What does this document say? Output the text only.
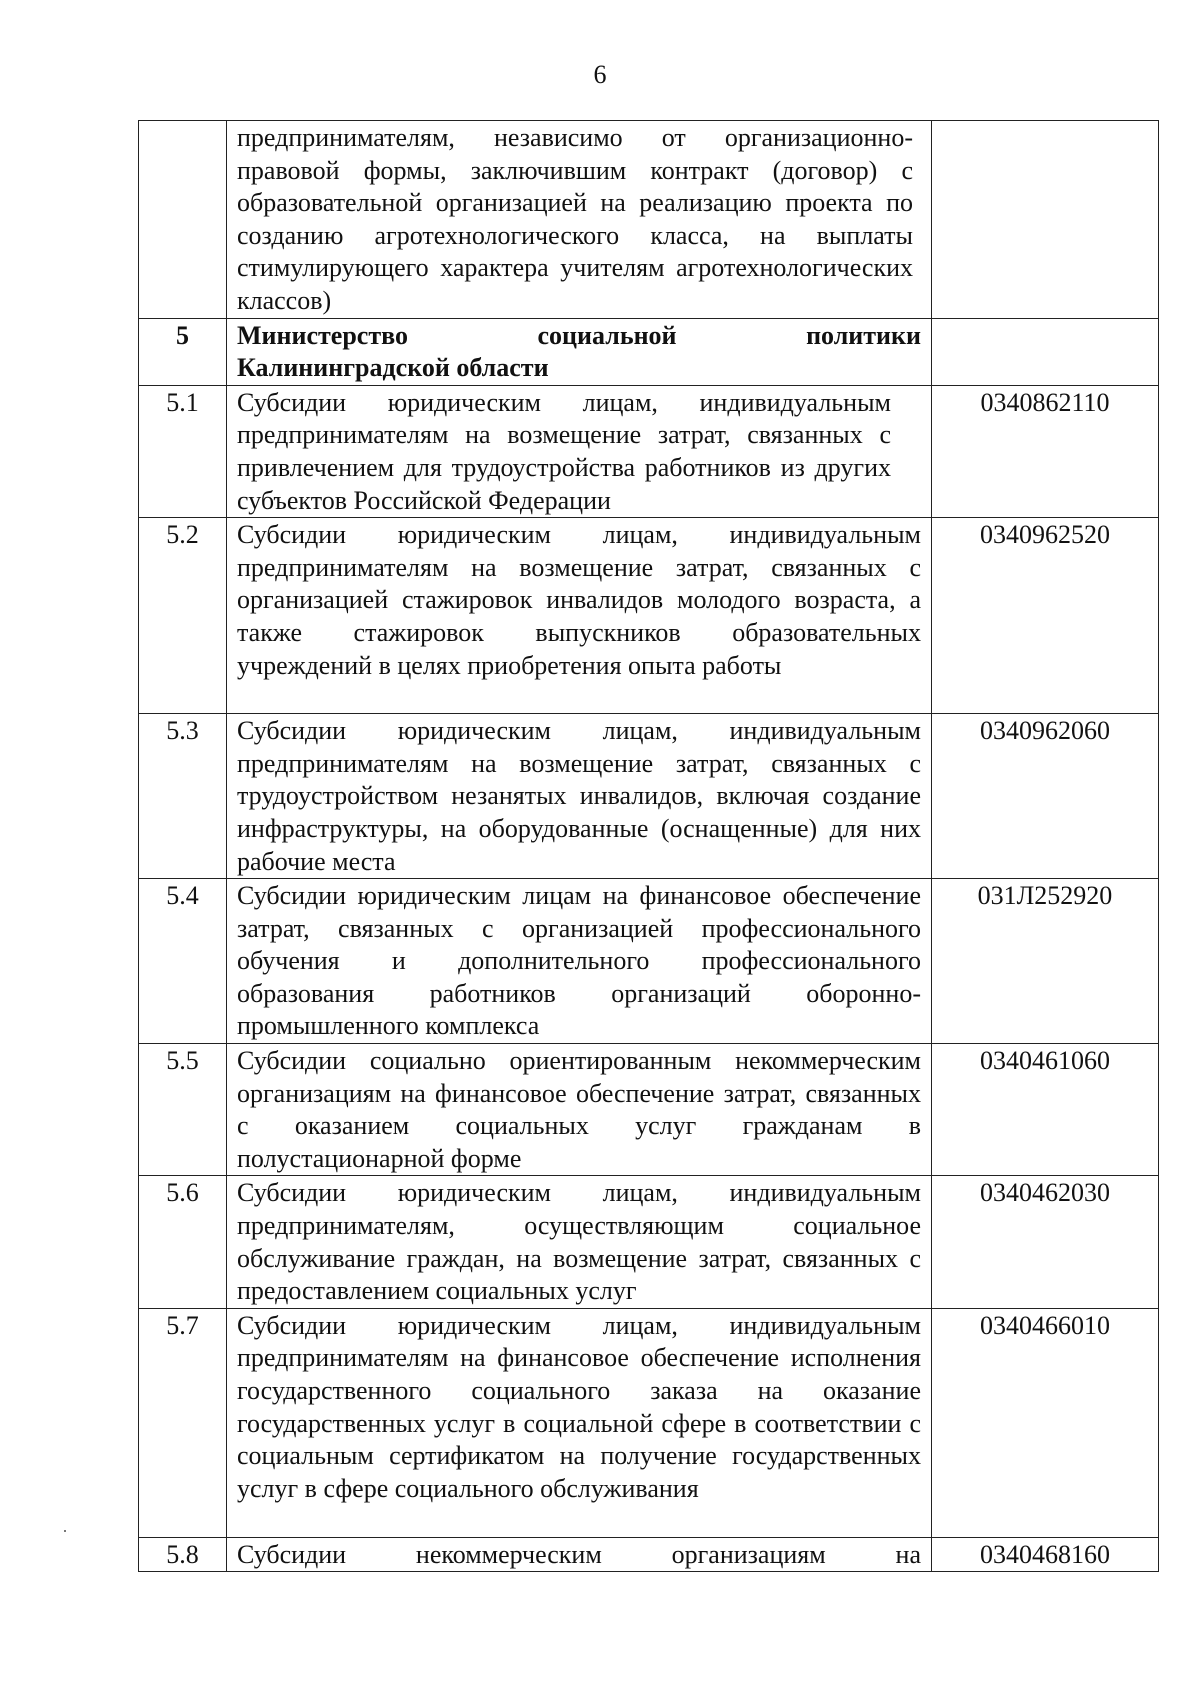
6
	предпринимателям, независимо от организационно-правовой формы, заключившим контракт (договор) с образовательной организацией на реализацию проекта по созданию агротехнологического класса, на выплаты стимулирующего характера учителям агротехнологических классов)	
5	Министерство социальной политики
Калининградской области	

5.1	Субсидии юридическим лицам, индивидуальным предпринимателям на возмещение затрат, связанных с привлечением для трудоустройства работников из других субъектов Российской Федерации	0340862110
5.2	Субсидии юридическим лицам, индивидуальным предпринимателям на возмещение затрат, связанных с организацией стажировок инвалидов молодого возраста, а также стажировок выпускников образовательных учреждений в целях приобретения опыта работы	0340962520
5.3	Субсидии юридическим лицам, индивидуальным предпринимателям на возмещение затрат, связанных с трудоустройством незанятых инвалидов, включая создание инфраструктуры, на оборудованные (оснащенные) для них рабочие места	0340962060
5.4	Субсидии юридическим лицам на финансовое обеспечение затрат, связанных с организацией профессионального обучения и дополнительного профессионального образования работников организаций оборонно-промышленного комплекса	031Л252920
5.5	Субсидии социально ориентированным некоммерческим организациям на финансовое обеспечение затрат, связанных с оказанием социальных услуг гражданам в полустационарной форме	0340461060
5.6	Субсидии юридическим лицам, индивидуальным предпринимателям, осуществляющим социальное обслуживание граждан, на возмещение затрат, связанных с предоставлением социальных услуг	0340462030
5.7	Субсидии юридическим лицам, индивидуальным предпринимателям на финансовое обеспечение исполнения государственного социального заказа на оказание государственных услуг в социальной сфере в соответствии с социальным сертификатом на получение государственных услуг в сфере социального обслуживания	0340466010
5.8	Субсидии некоммерческим организациям на	0340468160
